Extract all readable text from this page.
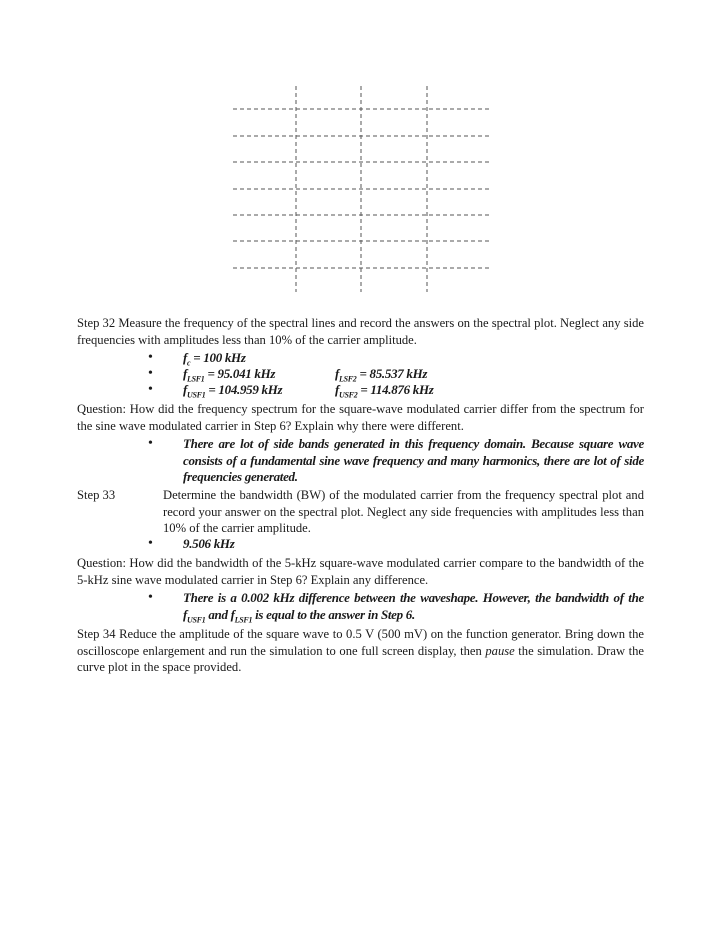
Step 32 Measure the frequency of the spectral lines and record the answers on the spectral plot. Neglect any side frequencies with amplitudes less than 10% of the carrier amplitude.
• $f_c = 100$ kHz
• $f_{LSF1} = 95.041$ kHz	$f_{LSF2} = 85.537$ kHz
• $f_{USF1} = 104.959$ kHz	$f_{USF2} = 114.876$ kHz
Question: How did the frequency spectrum for the square-wave modulated carrier differ from the spectrum for the sine wave modulated carrier in Step 6? Explain why there were different.
• There are lot of side bands generated in this frequency domain. Because square wave consists of a fundamental sine wave frequency and many harmonics, there are lot of side frequencies generated.
Step 33	Determine the bandwidth (BW) of the modulated carrier from the frequency spectral plot and record your answer on the spectral plot. Neglect any side frequencies with amplitudes less than 10% of the carrier amplitude.
• 9.506 kHz
Question: How did the bandwidth of the 5-kHz square-wave modulated carrier compare to the bandwidth of the 5-kHz sine wave modulated carrier in Step 6? Explain any difference.
• There is a 0.002 kHz difference between the waveshape. However, the bandwidth of the $f_{USF1}$ and $f_{LSF1}$ is equal to the answer in Step 6.
Step 34 Reduce the amplitude of the square wave to 0.5 V (500 mV) on the function generator. Bring down the oscilloscope enlargement and run the simulation to one full screen display, then pause the simulation. Draw the curve plot in the space provided.
